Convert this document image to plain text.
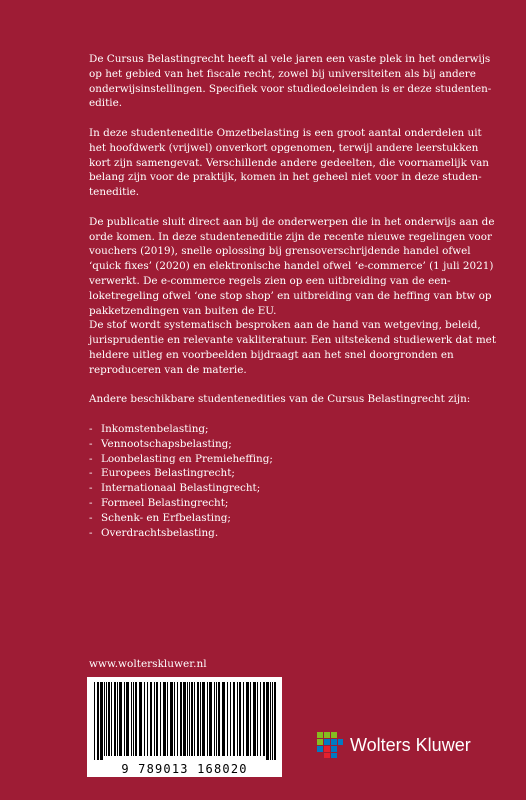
De Cursus Belastingrecht heeft al vele jaren een vaste plek in het onderwijs op het gebied van het fiscale recht, zowel bij universiteiten als bij andere onderwijsinstellingen. Specifiek voor studiedoeleinden is er deze studenten-editie.

In deze studenteneditie Omzetbelasting is een groot aantal onderdelen uit het hoofdwerk (vrijwel) onverkort opgenomen, terwijl andere leerstukken kort zijn samengevat. Verschillende andere gedeelten, die voornamelijk van belang zijn voor de praktijk, komen in het geheel niet voor in deze studen-teneditie.

De publicatie sluit direct aan bij de onderwerpen die in het onderwijs aan de orde komen. In deze studenteneditie zijn de recente nieuwe regelingen voor vouchers (2019), snelle oplossing bij grensoverschrijdende handel ofwel ‘quick fixes’ (2020) en elektronische handel ofwel ‘e-commerce’ (1 juli 2021) verwerkt. De e-commerce regels zien op een uitbreiding van de een-loketregeling ofwel ‘one stop shop’ en uitbreiding van de heffing van btw op pakketzendingen van buiten de EU.

De stof wordt systematisch besproken aan de hand van wetgeving, beleid, jurisprudentie en relevante vakliteratuur. Een uitstekend studiewerk dat met heldere uitleg en voorbeelden bijdraagt aan het snel doorgronden en reproduceren van de materie.

Andere beschikbare studentenedities van de Cursus Belastingrecht zijn:

- Inkomstenbelasting;
- Vennootschapsbelasting;
- Loonbelasting en Premieheffing;
- Europees Belastingrecht;
- Internationaal Belastingrecht;
- Formeel Belastingrecht;
- Schenk- en Erfbelasting;
- Overdrachtsbelasting.
www.wolterskluwer.nl
9 789013 168020
Wolters Kluwer
